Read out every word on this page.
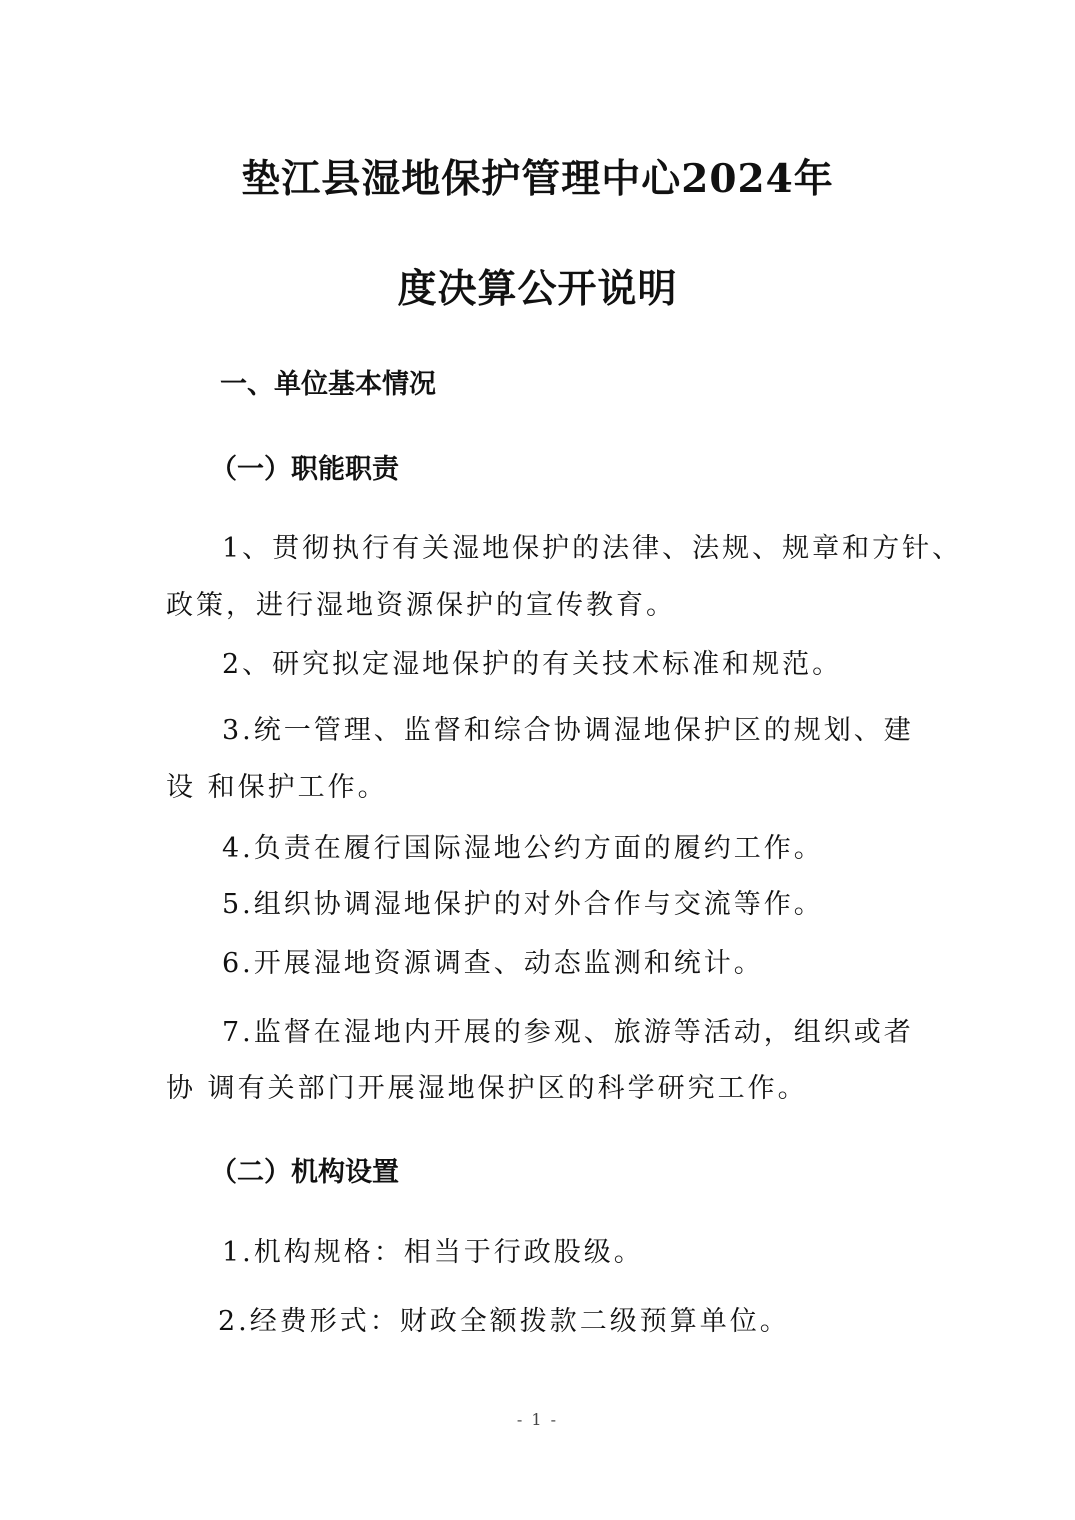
垫江县湿地保护管理中心2024年
度决算公开说明
一、单位基本情况
（一）职能职责

1、贯彻执行有关湿地保护的法律、法规、规章和方针、

政策，进行湿地资源保护的宣传教育。

2、研究拟定湿地保护的有关技术标准和规范。

3.统一管理、监督和综合协调湿地保护区的规划、建

设 和保护工作。

4.负责在履行国际湿地公约方面的履约工作。

5.组织协调湿地保护的对外合作与交流等作。

6.开展湿地资源调查、动态监测和统计。

7.监督在湿地内开展的参观、旅游等活动，组织或者

协 调有关部门开展湿地保护区的科学研究工作。

（二）机构设置

1.机构规格：相当于行政股级。

2.经费形式：财政全额拨款二级预算单位。

- 1 -
